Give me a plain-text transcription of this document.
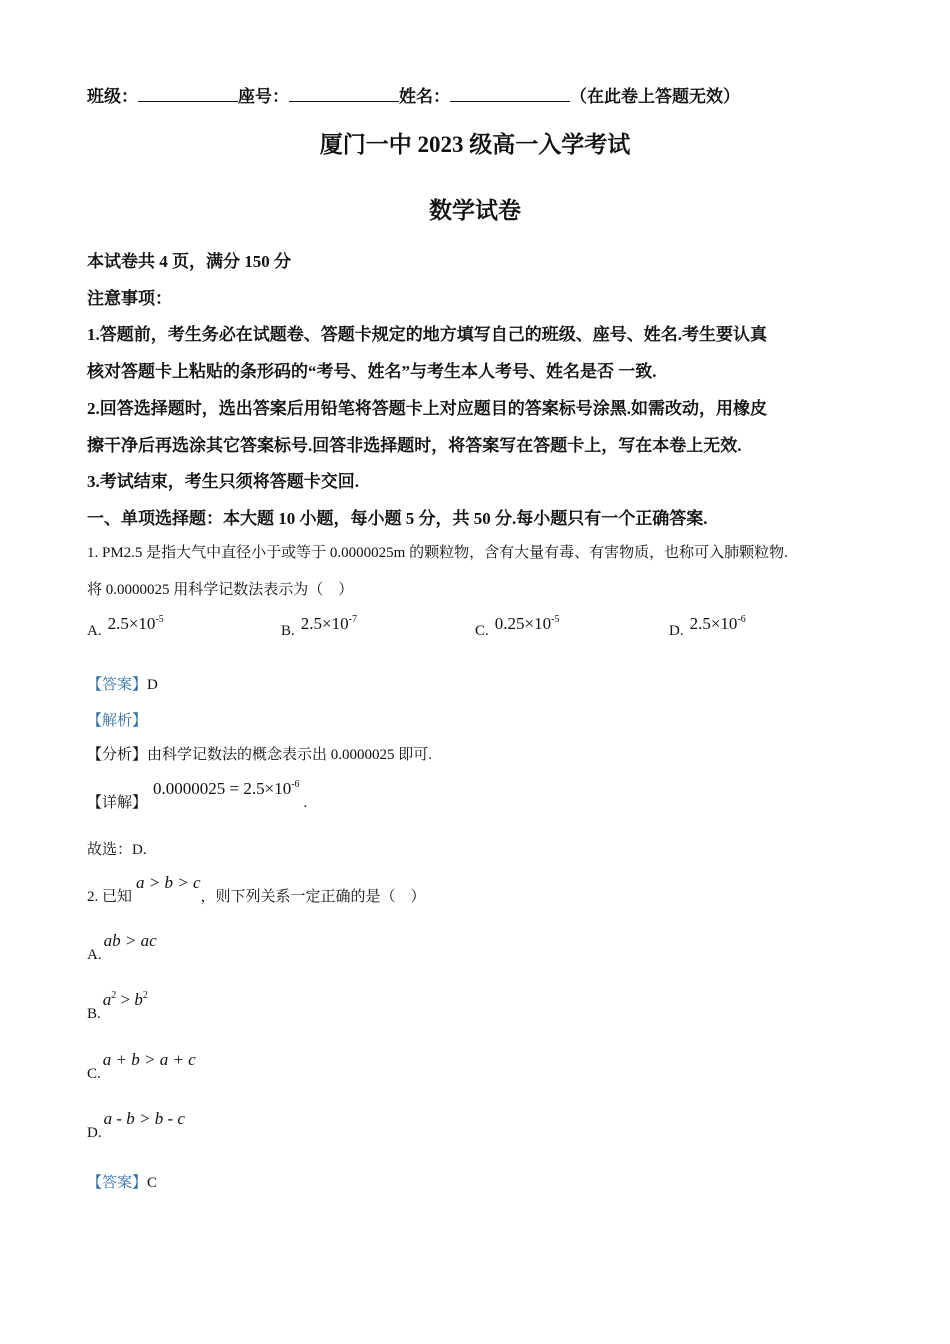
班级：	座号：	姓名：	（在此卷上答题无效）
厦门一中 2023 级高一入学考试
数学试卷
本试卷共 4 页，满分 150 分
注意事项：
1.答题前，考生务必在试题卷、答题卡规定的地方填写自己的班级、座号、姓名.考生要认真
核对答题卡上粘贴的条形码的“考号、姓名”与考生本人考号、姓名是否 一致.
2.回答选择题时，选出答案后用铅笔将答题卡上对应题目的答案标号涂黑.如需改动，用橡皮
擦干净后再选涂其它答案标号.回答非选择题时，将答案写在答题卡上，写在本卷上无效.
3.考试结束，考生只须将答题卡交回.
一、单项选择题：本大题 10 小题，每小题 5 分，共 50 分.每小题只有一个正确答案.
1. PM2.5 是指大气中直径小于或等于 0.0000025m 的颗粒物，含有大量有毒、有害物质，也称可入肺颗粒物.
将 0.0000025 用科学记数法表示为（　）
A. $2.5\times 10^{-5}$
B. $2.5\times 10^{-7}$
C. $0.25\times 10^{-5}$
D. $2.5\times 10^{-6}$
【答案】D
【解析】
【分析】由科学记数法的概念表示出 0.0000025 即可.
【详解】$0.0000025 = 2.5\times 10^{-6}$.
故选：D.
2. 已知a > b > c，则下列关系一定正确的是（　）
A.ab > ac
$B.a^2 > b^2$
C.a + b > a + c
D.a - b > b - c
【答案】C
